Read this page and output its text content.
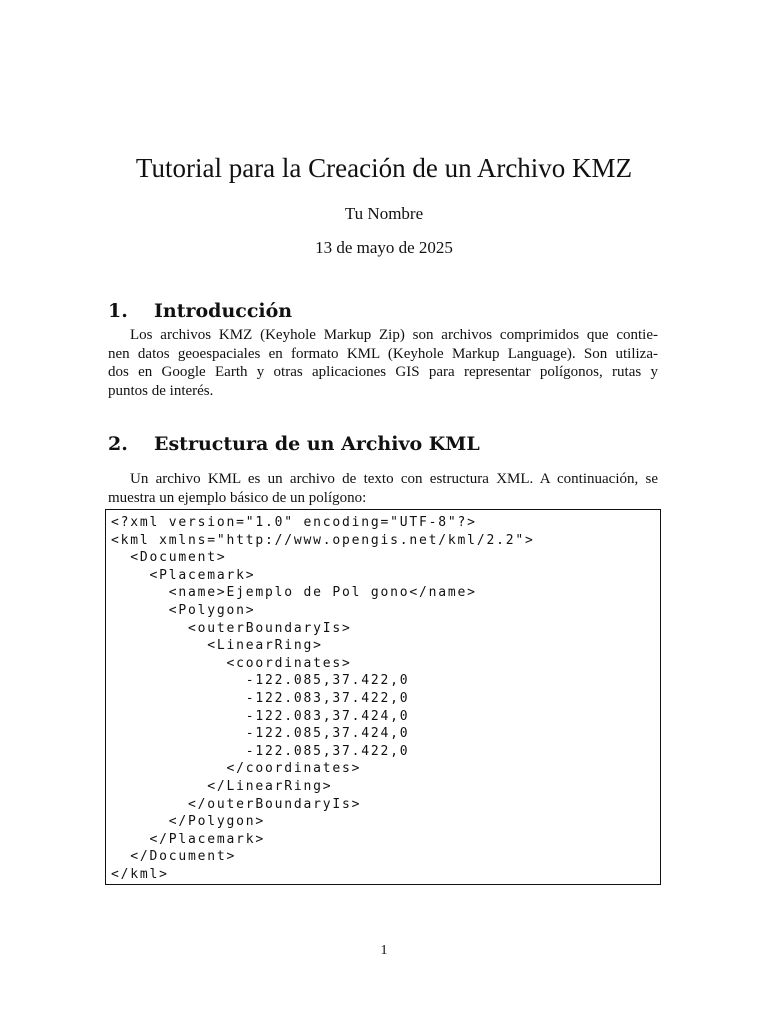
Tutorial para la Creación de un Archivo KMZ
Tu Nombre
13 de mayo de 2025
1. Introducción
Los archivos KMZ (Keyhole Markup Zip) son archivos comprimidos que contie-
nen datos geoespaciales en formato KML (Keyhole Markup Language). Son utiliza-
dos en Google Earth y otras aplicaciones GIS para representar polígonos, rutas y
puntos de interés.
2. Estructura de un Archivo KML
Un archivo KML es un archivo de texto con estructura XML. A continuación, se
muestra un ejemplo básico de un polígono:
<?xml version="1.0" encoding="UTF-8"?>
<kml xmlns="http://www.opengis.net/kml/2.2">
<Document>
<Placemark>
<name>Ejemplo de Pol gono</name>
<Polygon>
<outerBoundaryIs>
<LinearRing>
<coordinates>
-122.085,37.422,0
-122.083,37.422,0
-122.083,37.424,0
-122.085,37.424,0
-122.085,37.422,0
</coordinates>
</LinearRing>
</outerBoundaryIs>
</Polygon>
</Placemark>
</Document>
</kml>
1
